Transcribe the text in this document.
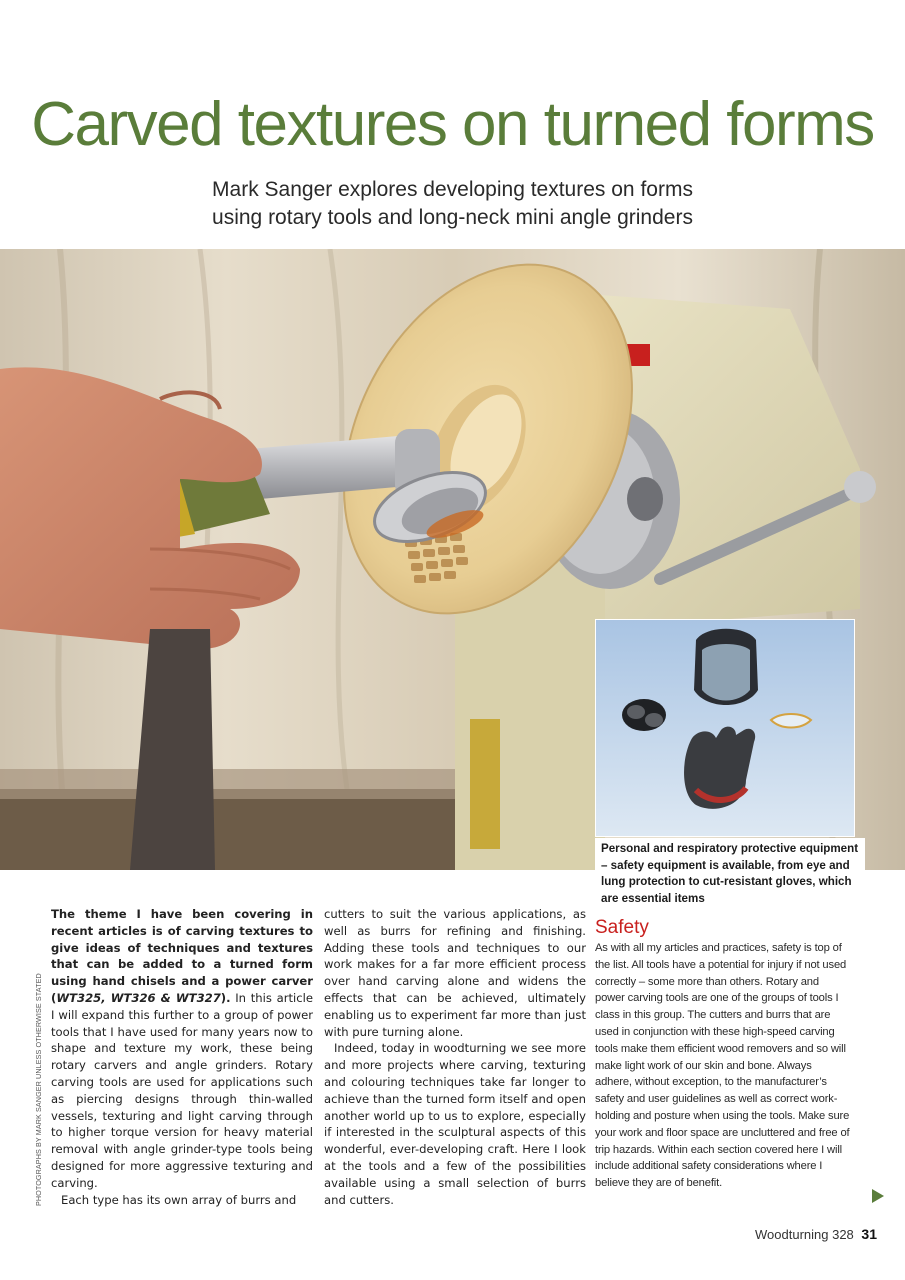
Carved textures on turned forms
Mark Sanger explores developing textures on forms
using rotary tools and long-neck mini angle grinders
Personal and respiratory protective equipment – safety equipment is available, from eye and lung protection to cut-resistant gloves, which are essential items
PHOTOGRAPHS BY MARK SANGER UNLESS OTHERWISE STATED

The theme I have been covering in recent articles is of carving textures to give ideas of techniques and textures that can be added to a turned form using hand chisels and a power carver (WT325, WT326 & WT327). In this article I will expand this further to a group of power tools that I have used for many years now to shape and texture my work, these being rotary carvers and angle grinders. Rotary carving tools are used for applications such as piercing designs through thin-walled vessels, texturing and light carving through to higher torque version for heavy material removal with angle grinder-type tools being designed for more aggressive texturing and carving.

Each type has its own array of burrs and

cutters to suit the various applications, as well as burrs for refining and finishing. Adding these tools and techniques to our work makes for a far more efficient process over hand carving alone and widens the effects that can be achieved, ultimately enabling us to experiment far more than just with pure turning alone.

Indeed, today in woodturning we see more and more projects where carving, texturing and colouring techniques take far longer to achieve than the turned form itself and open another world up to us to explore, especially if interested in the sculptural aspects of this wonderful, ever-developing craft. Here I look at the tools and a few of the possibilities available using a small selection of burrs and cutters.

Safety

As with all my articles and practices, safety is top of the list. All tools have a potential for injury if not used correctly – some more than others. Rotary and power carving tools are one of the groups of tools I class in this group. The cutters and burrs that are used in conjunction with these high-speed carving tools make them efficient wood removers and so will make light work of our skin and bone. Always adhere, without exception, to the manufacturer’s safety and user guidelines as well as correct work-holding and posture when using the tools. Make sure your work and floor space are uncluttered and free of trip hazards. Within each section covered here I will include additional safety considerations where I believe they are of benefit.

Woodturning 328 31
